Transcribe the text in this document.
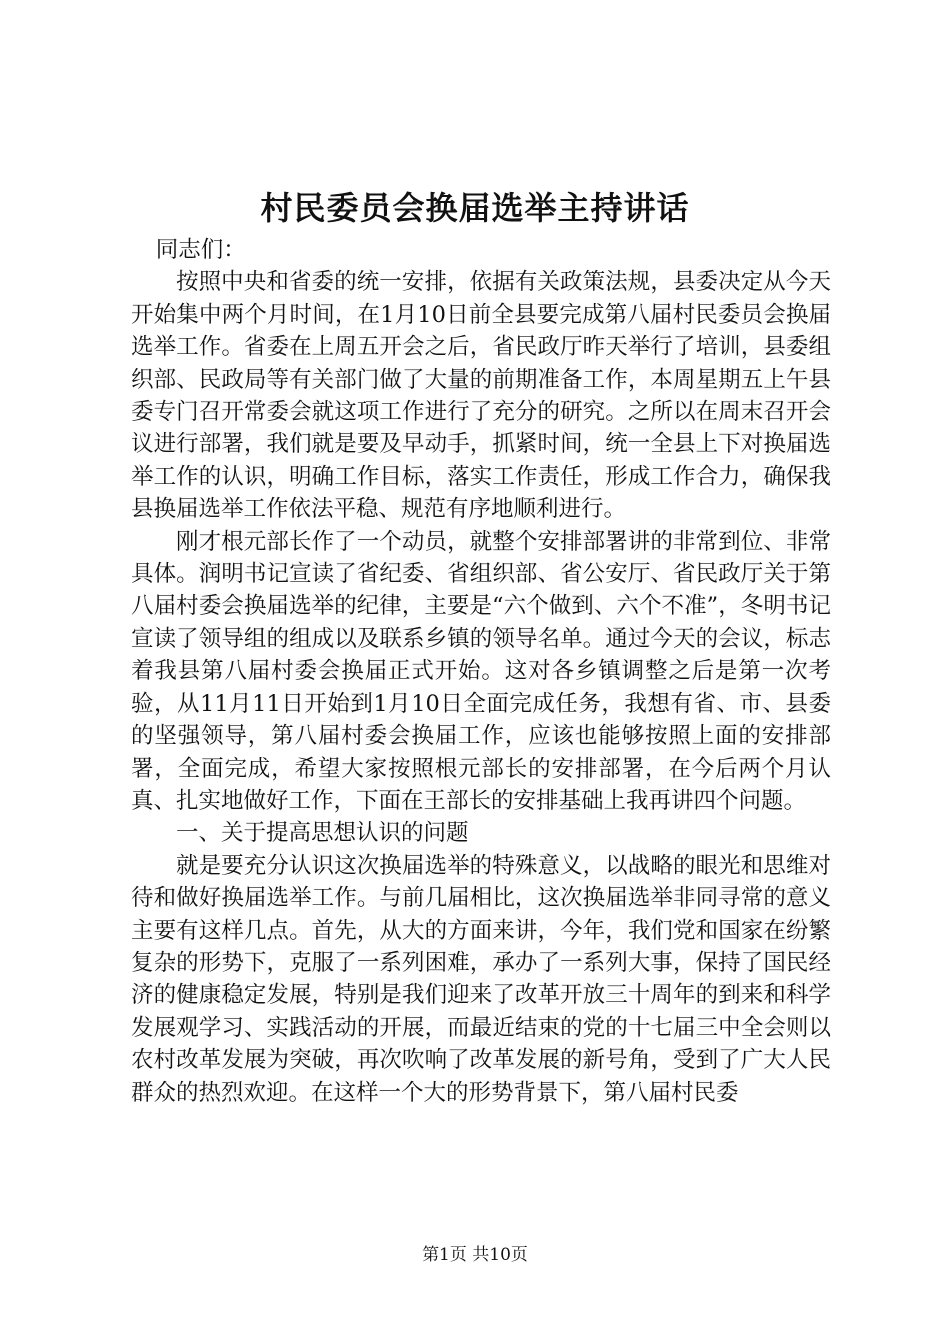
村民委员会换届选举主持讲话

同志们：

按照中央和省委的统一安排，依据有关政策法规，县委决定从今天开始集中两个月时间，在1月10日前全县要完成第八届村民委员会换届选举工作。省委在上周五开会之后，省民政厅昨天举行了培训，县委组织部、民政局等有关部门做了大量的前期准备工作，本周星期五上午县委专门召开常委会就这项工作进行了充分的研究。之所以在周末召开会议进行部署，我们就是要及早动手，抓紧时间，统一全县上下对换届选举工作的认识，明确工作目标，落实工作责任，形成工作合力，确保我县换届选举工作依法平稳、规范有序地顺利进行。

刚才根元部长作了一个动员，就整个安排部署讲的非常到位、非常具体。润明书记宣读了省纪委、省组织部、省公安厅、省民政厅关于第八届村委会换届选举的纪律，主要是“六个做到、六个不准”，冬明书记宣读了领导组的组成以及联系乡镇的领导名单。通过今天的会议，标志着我县第八届村委会换届正式开始。这对各乡镇调整之后是第一次考验，从11月11日开始到1月10日全面完成任务，我想有省、市、县委的坚强领导，第八届村委会换届工作，应该也能够按照上面的安排部署，全面完成，希望大家按照根元部长的安排部署，在今后两个月认真、扎实地做好工作，下面在王部长的安排基础上我再讲四个问题。

一、关于提高思想认识的问题

就是要充分认识这次换届选举的特殊意义，以战略的眼光和思维对待和做好换届选举工作。与前几届相比，这次换届选举非同寻常的意义主要有这样几点。首先，从大的方面来讲，今年，我们党和国家在纷繁复杂的形势下，克服了一系列困难，承办了一系列大事，保持了国民经济的健康稳定发展，特别是我们迎来了改革开放三十周年的到来和科学发展观学习、实践活动的开展，而最近结束的党的十七届三中全会则以农村改革发展为突破，再次吹响了改革发展的新号角，受到了广大人民群众的热烈欢迎。在这样一个大的形势背景下，第八届村民委

第1页 共10页
